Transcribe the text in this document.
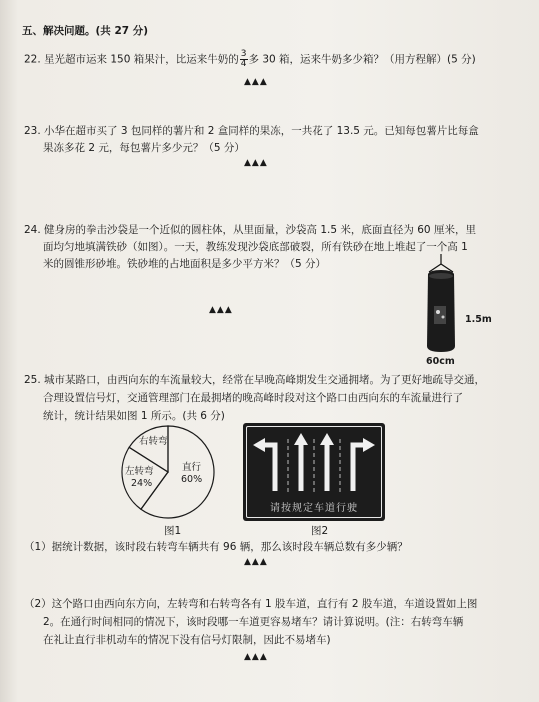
五、解决问题。(共 27 分)
22. 星光超市运来 150 箱果汁，比运来牛奶的 $\frac{3}{4}$ 多 30 箱，运来牛奶多少箱？（用方程解）(5 分)
▲▲▲
23. 小华在超市买了 3 包同样的薯片和 2 盒同样的果冻，一共花了 13.5 元。已知每包薯片比每盒
果冻多花 2 元，每包薯片多少元？（5 分）
▲▲▲
24. 健身房的拳击沙袋是一个近似的圆柱体，从里面量，沙袋高 1.5 米，底面直径为 60 厘米，里
面均匀地填满铁砂（如图）。一天，教练发现沙袋底部破裂，所有铁砂在地上堆起了一个高 1
米的圆锥形砂堆。铁砂堆的占地面积是多少平方米？（5 分）
▲▲▲
1.5m
60cm
25. 城市某路口，由西向东的车流量较大，经常在早晚高峰期发生交通拥堵。为了更好地疏导交通，
合理设置信号灯，交通管理部门在最拥堵的晚高峰时段对这个路口由西向东的车流量进行了
统计，统计结果如图 1 所示。(共 6 分)
直行
60%
左转弯
24%
右转弯
图1
请按规定车道行驶
图2
（1）据统计数据，该时段右转弯车辆共有 96 辆，那么该时段车辆总数有多少辆？
▲▲▲
（2）这个路口由西向东方向，左转弯和右转弯各有 1 股车道，直行有 2 股车道，车道设置如上图
2。在通行时间相同的情况下，该时段哪一车道更容易堵车？请计算说明。(注：右转弯车辆
在礼让直行非机动车的情况下没有信号灯限制，因此不易堵车)
▲▲▲
